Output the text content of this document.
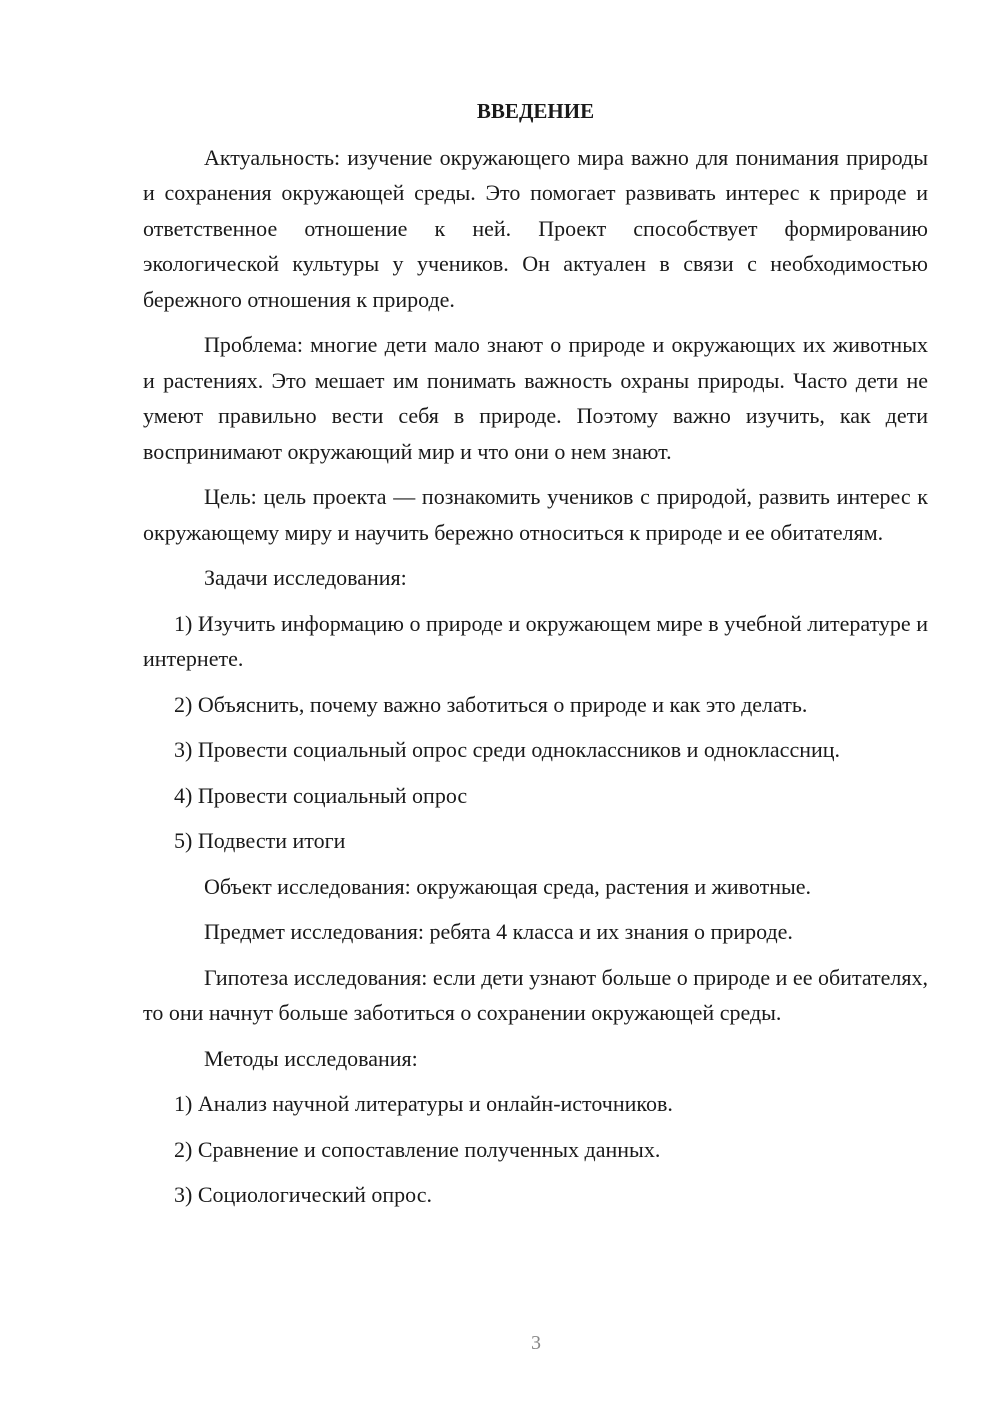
ВВЕДЕНИЕ

Актуальность: изучение окружающего мира важно для понимания природы и сохранения окружающей среды. Это помогает развивать интерес к природе и ответственное отношение к ней. Проект способствует формированию экологической культуры у учеников. Он актуален в связи с необходимостью бережного отношения к природе.

Проблема: многие дети мало знают о природе и окружающих их животных и растениях. Это мешает им понимать важность охраны природы. Часто дети не умеют правильно вести себя в природе. Поэтому важно изучить, как дети воспринимают окружающий мир и что они о нем знают.

Цель: цель проекта — познакомить учеников с природой, развить интерес к окружающему миру и научить бережно относиться к природе и ее обитателям.

Задачи исследования:

1) Изучить информацию о природе и окружающем мире в учебной литературе и интернете.

2) Объяснить, почему важно заботиться о природе и как это делать.

3) Провести социальный опрос среди одноклассников и одноклассниц.

4) Провести социальный опрос

5) Подвести итоги

Объект исследования: окружающая среда, растения и животные.

Предмет исследования: ребята 4 класса и их знания о природе.

Гипотеза исследования: если дети узнают больше о природе и ее обитателях, то они начнут больше заботиться о сохранении окружающей среды.

Методы исследования:

1) Анализ научной литературы и онлайн-источников.

2) Сравнение и сопоставление полученных данных.

3) Социологический опрос.

3
